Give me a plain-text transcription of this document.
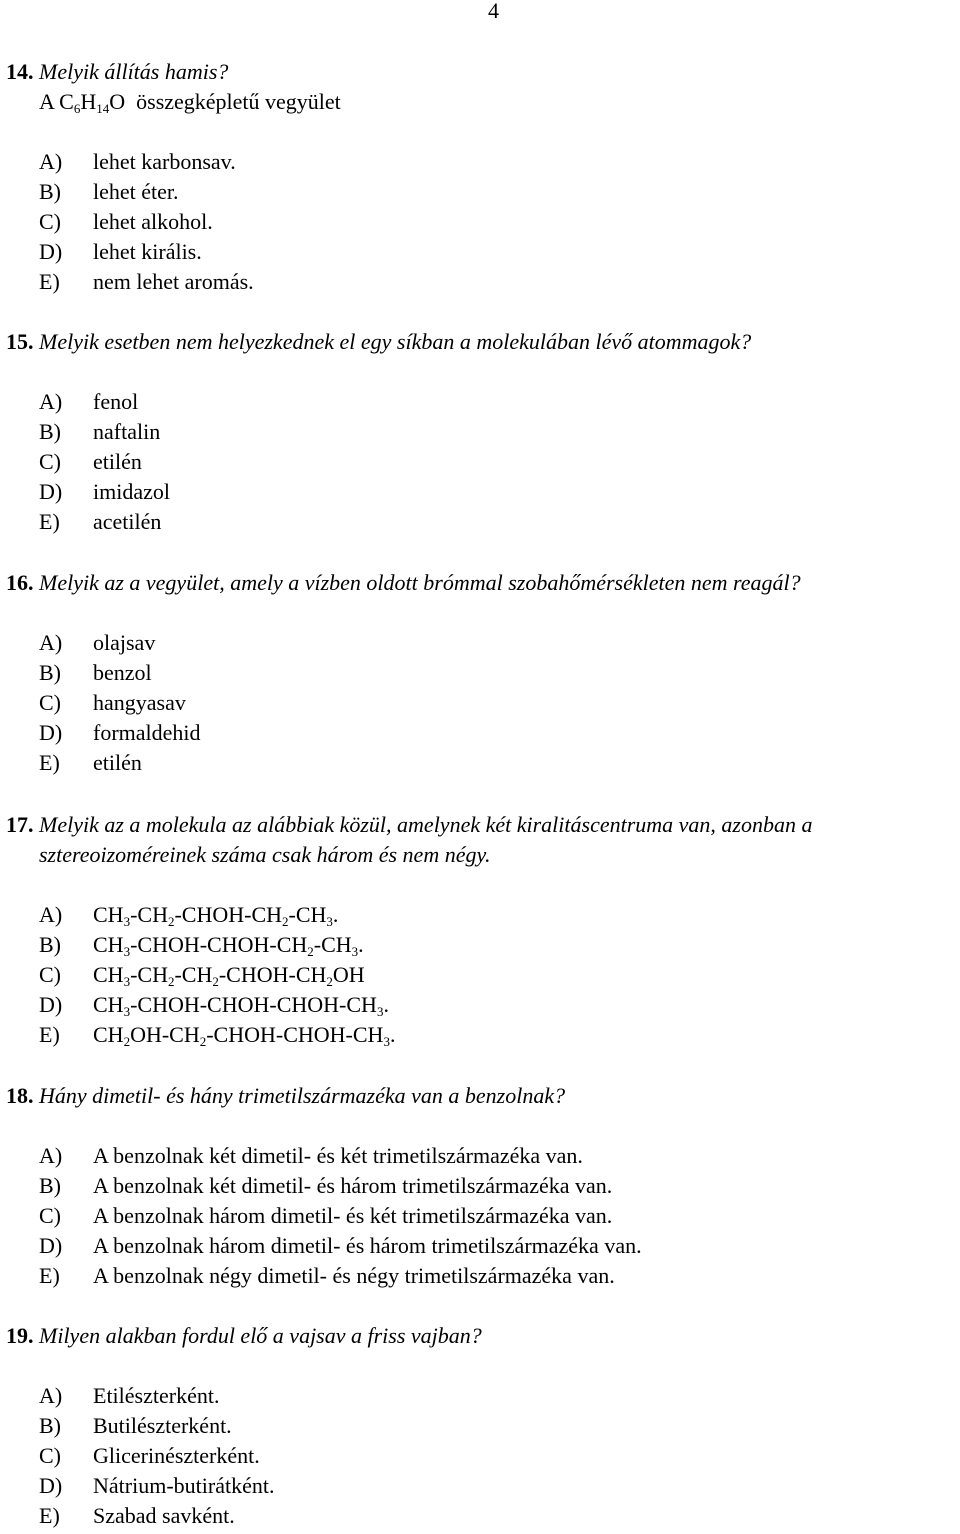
4
14. Melyik állítás hamis?
A $C_6H_{14}O$  összegképletű vegyület
A)	lehet karbonsav.
B)	lehet éter.
C)	lehet alkohol.
D)	lehet királis.
E)	nem lehet aromás.
15. Melyik esetben nem helyezkednek el egy síkban a molekulában lévő atommagok?
A)	fenol
B)	naftalin
C)	etilén
D)	imidazol
E)	acetilén
16. Melyik az a vegyület, amely a vízben oldott brómmal szobahőmérsékleten nem reagál?
A)	olajsav
B)	benzol
C)	hangyasav
D)	formaldehid
E)	etilén
17. Melyik az a molekula az alábbiak közül, amelynek két kiralitáscentruma van, azonban a
sztereoizoméreinek száma csak három és nem négy.
A)	$CH_3-CH_2-CHOH-CH_2-CH_3$.
B)	$CH_3-CHOH-CHOH-CH_2-CH_3$.
C)	$CH_3-CH_2-CH_2-CHOH-CH_2OH$
D)	$CH_3-CHOH-CHOH-CHOH-CH_3$.
E)	$CH_2OH-CH_2-CHOH-CHOH-CH_3$.
18. Hány dimetil- és hány trimetilszármazéka van a benzolnak?
A)	A benzolnak két dimetil- és két trimetilszármazéka van.
B)	A benzolnak két dimetil- és három trimetilszármazéka van.
C)	A benzolnak három dimetil- és két trimetilszármazéka van.
D)	A benzolnak három dimetil- és három trimetilszármazéka van.
E)	A benzolnak négy dimetil- és négy trimetilszármazéka van.
19. Milyen alakban fordul elő a vajsav a friss vajban?
A)	Etilészterként.
B)	Butilészterként.
C)	Glicerinészterként.
D)	Nátrium-butirátként.
E)	Szabad savként.
